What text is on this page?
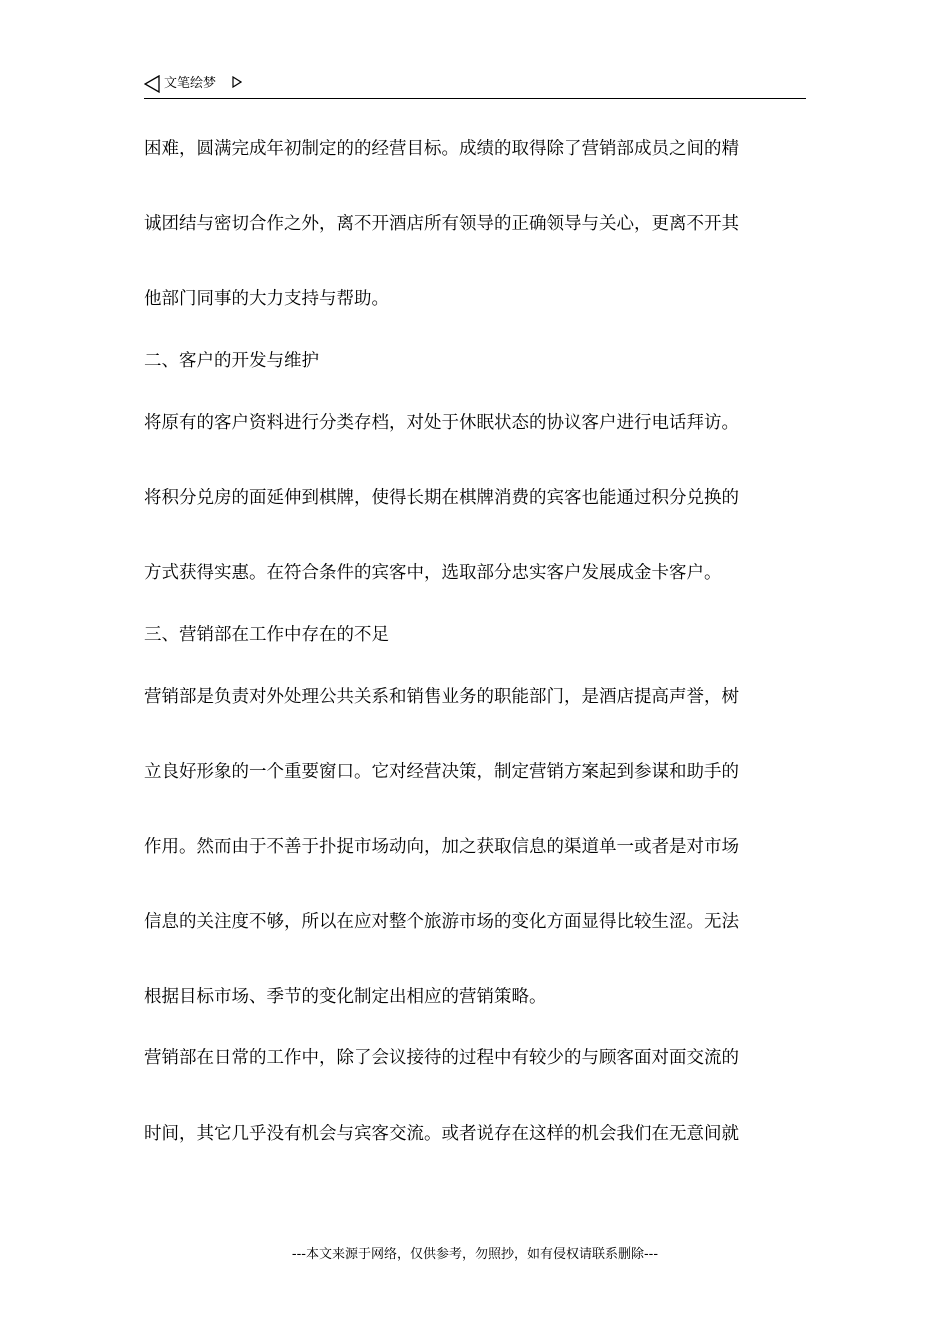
文笔绘梦

困难，圆满完成年初制定的的经营目标。成绩的取得除了营销部成员之间的精

诚团结与密切合作之外，离不开酒店所有领导的正确领导与关心，更离不开其

他部门同事的大力支持与帮助。

二、客户的开发与维护

将原有的客户资料进行分类存档，对处于休眠状态的协议客户进行电话拜访。

将积分兑房的面延伸到棋牌，使得长期在棋牌消费的宾客也能通过积分兑换的

方式获得实惠。在符合条件的宾客中，选取部分忠实客户发展成金卡客户。

三、营销部在工作中存在的不足

营销部是负责对外处理公共关系和销售业务的职能部门，是酒店提高声誉，树

立良好形象的一个重要窗口。它对经营决策，制定营销方案起到参谋和助手的

作用。然而由于不善于扑捉市场动向，加之获取信息的渠道单一或者是对市场

信息的关注度不够，所以在应对整个旅游市场的变化方面显得比较生涩。无法

根据目标市场、季节的变化制定出相应的营销策略。

营销部在日常的工作中，除了会议接待的过程中有较少的与顾客面对面交流的

时间，其它几乎没有机会与宾客交流。或者说存在这样的机会我们在无意间就

---本文来源于网络，仅供参考，勿照抄，如有侵权请联系删除---
